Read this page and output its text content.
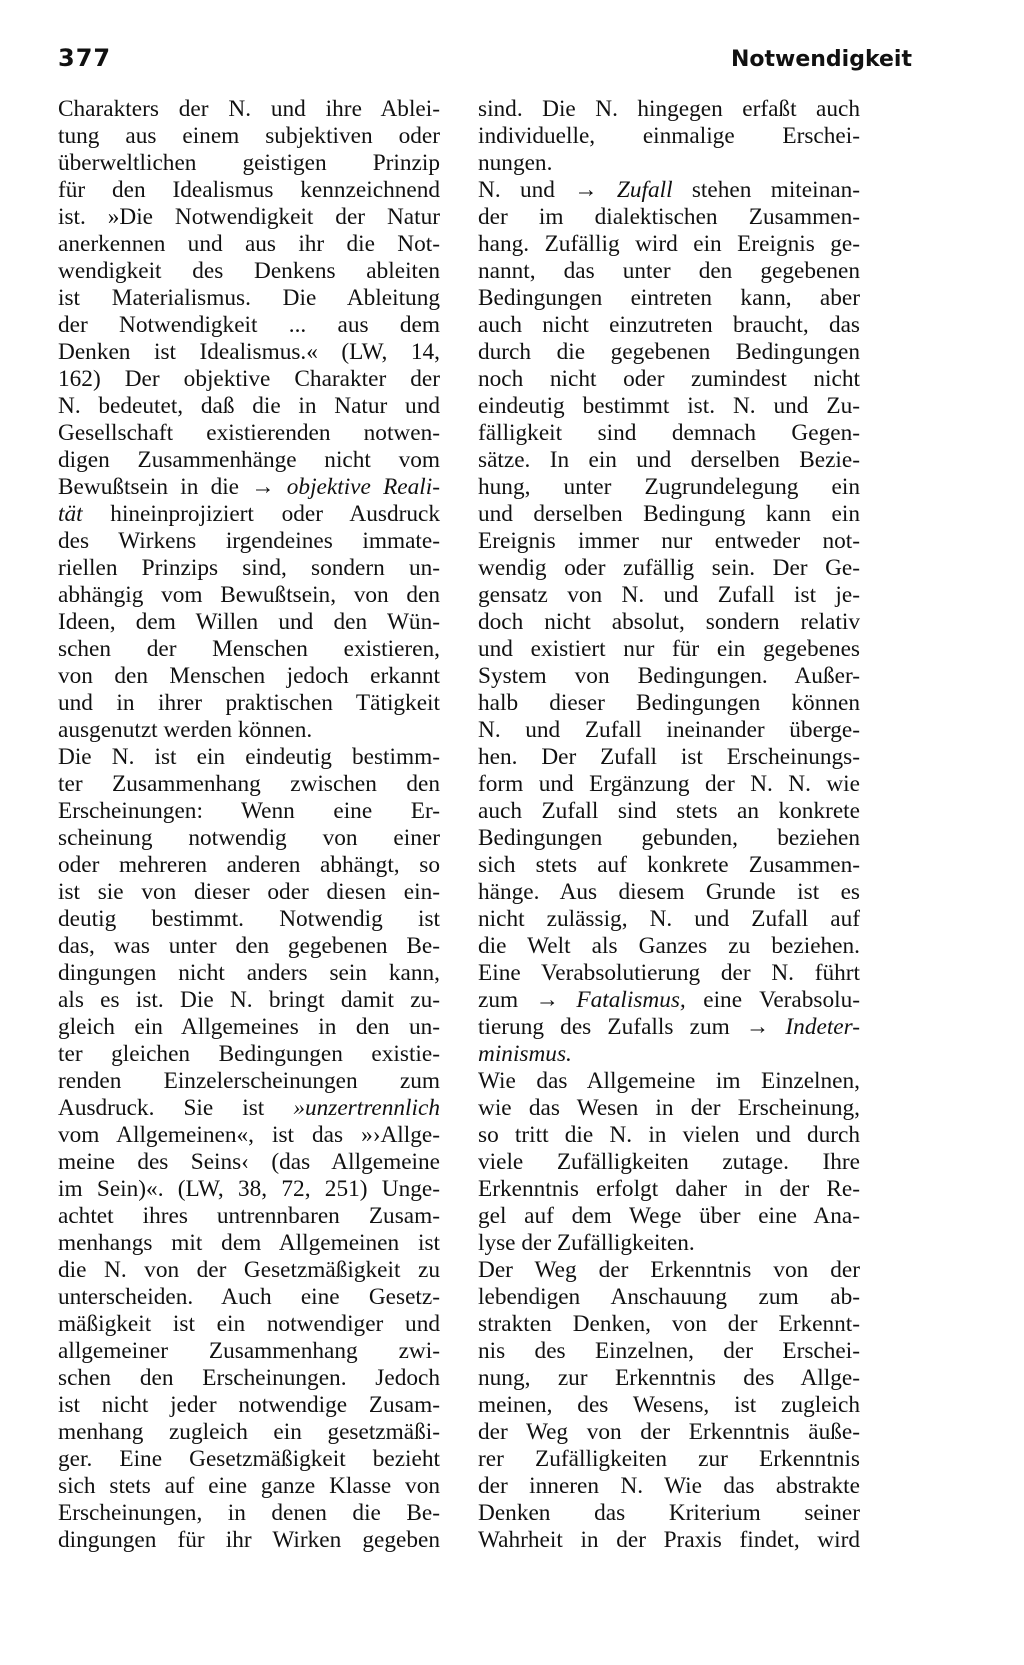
377	Notwendigkeit
Charakters der N. und ihre Ablei-
tung aus einem subjektiven oder
überweltlichen geistigen Prinzip
für den Idealismus kennzeichnend
ist. »Die Notwendigkeit der Natur
anerkennen und aus ihr die Not-
wendigkeit des Denkens ableiten
ist Materialismus. Die Ableitung
der Notwendigkeit ... aus dem
Denken ist Idealismus.« (LW, 14,
162) Der objektive Charakter der
N. bedeutet, daß die in Natur und
Gesellschaft existierenden notwen-
digen Zusammenhänge nicht vom
Bewußtsein in die → objektive Reali-
tät hineinprojiziert oder Ausdruck
des Wirkens irgendeines immate-
riellen Prinzips sind, sondern un-
abhängig vom Bewußtsein, von den
Ideen, dem Willen und den Wün-
schen der Menschen existieren,
von den Menschen jedoch erkannt
und in ihrer praktischen Tätigkeit
ausgenutzt werden können.
Die N. ist ein eindeutig bestimm-
ter Zusammenhang zwischen den
Erscheinungen: Wenn eine Er-
scheinung notwendig von einer
oder mehreren anderen abhängt, so
ist sie von dieser oder diesen ein-
deutig bestimmt. Notwendig ist
das, was unter den gegebenen Be-
dingungen nicht anders sein kann,
als es ist. Die N. bringt damit zu-
gleich ein Allgemeines in den un-
ter gleichen Bedingungen existie-
renden Einzelerscheinungen zum
Ausdruck. Sie ist »unzertrennlich
vom Allgemeinen«, ist das »›Allge-
meine des Seins‹ (das Allgemeine
im Sein)«. (LW, 38, 72, 251) Unge-
achtet ihres untrennbaren Zusam-
menhangs mit dem Allgemeinen ist
die N. von der Gesetzmäßigkeit zu
unterscheiden. Auch eine Gesetz-
mäßigkeit ist ein notwendiger und
allgemeiner Zusammenhang zwi-
schen den Erscheinungen. Jedoch
ist nicht jeder notwendige Zusam-
menhang zugleich ein gesetzmäßi-
ger. Eine Gesetzmäßigkeit bezieht
sich stets auf eine ganze Klasse von
Erscheinungen, in denen die Be-
dingungen für ihr Wirken gegeben
sind. Die N. hingegen erfaßt auch
individuelle, einmalige Erschei-
nungen.
N. und → Zufall stehen miteinan-
der im dialektischen Zusammen-
hang. Zufällig wird ein Ereignis ge-
nannt, das unter den gegebenen
Bedingungen eintreten kann, aber
auch nicht einzutreten braucht, das
durch die gegebenen Bedingungen
noch nicht oder zumindest nicht
eindeutig bestimmt ist. N. und Zu-
fälligkeit sind demnach Gegen-
sätze. In ein und derselben Bezie-
hung, unter Zugrundelegung ein
und derselben Bedingung kann ein
Ereignis immer nur entweder not-
wendig oder zufällig sein. Der Ge-
gensatz von N. und Zufall ist je-
doch nicht absolut, sondern relativ
und existiert nur für ein gegebenes
System von Bedingungen. Außer-
halb dieser Bedingungen können
N. und Zufall ineinander überge-
hen. Der Zufall ist Erscheinungs-
form und Ergänzung der N. N. wie
auch Zufall sind stets an konkrete
Bedingungen gebunden, beziehen
sich stets auf konkrete Zusammen-
hänge. Aus diesem Grunde ist es
nicht zulässig, N. und Zufall auf
die Welt als Ganzes zu beziehen.
Eine Verabsolutierung der N. führt
zum → Fatalismus, eine Verabsolu-
tierung des Zufalls zum → Indeter-
minismus.
Wie das Allgemeine im Einzelnen,
wie das Wesen in der Erscheinung,
so tritt die N. in vielen und durch
viele Zufälligkeiten zutage. Ihre
Erkenntnis erfolgt daher in der Re-
gel auf dem Wege über eine Ana-
lyse der Zufälligkeiten.
Der Weg der Erkenntnis von der
lebendigen Anschauung zum ab-
strakten Denken, von der Erkennt-
nis des Einzelnen, der Erschei-
nung, zur Erkenntnis des Allge-
meinen, des Wesens, ist zugleich
der Weg von der Erkenntnis äuße-
rer Zufälligkeiten zur Erkenntnis
der inneren N. Wie das abstrakte
Denken das Kriterium seiner
Wahrheit in der Praxis findet, wird
